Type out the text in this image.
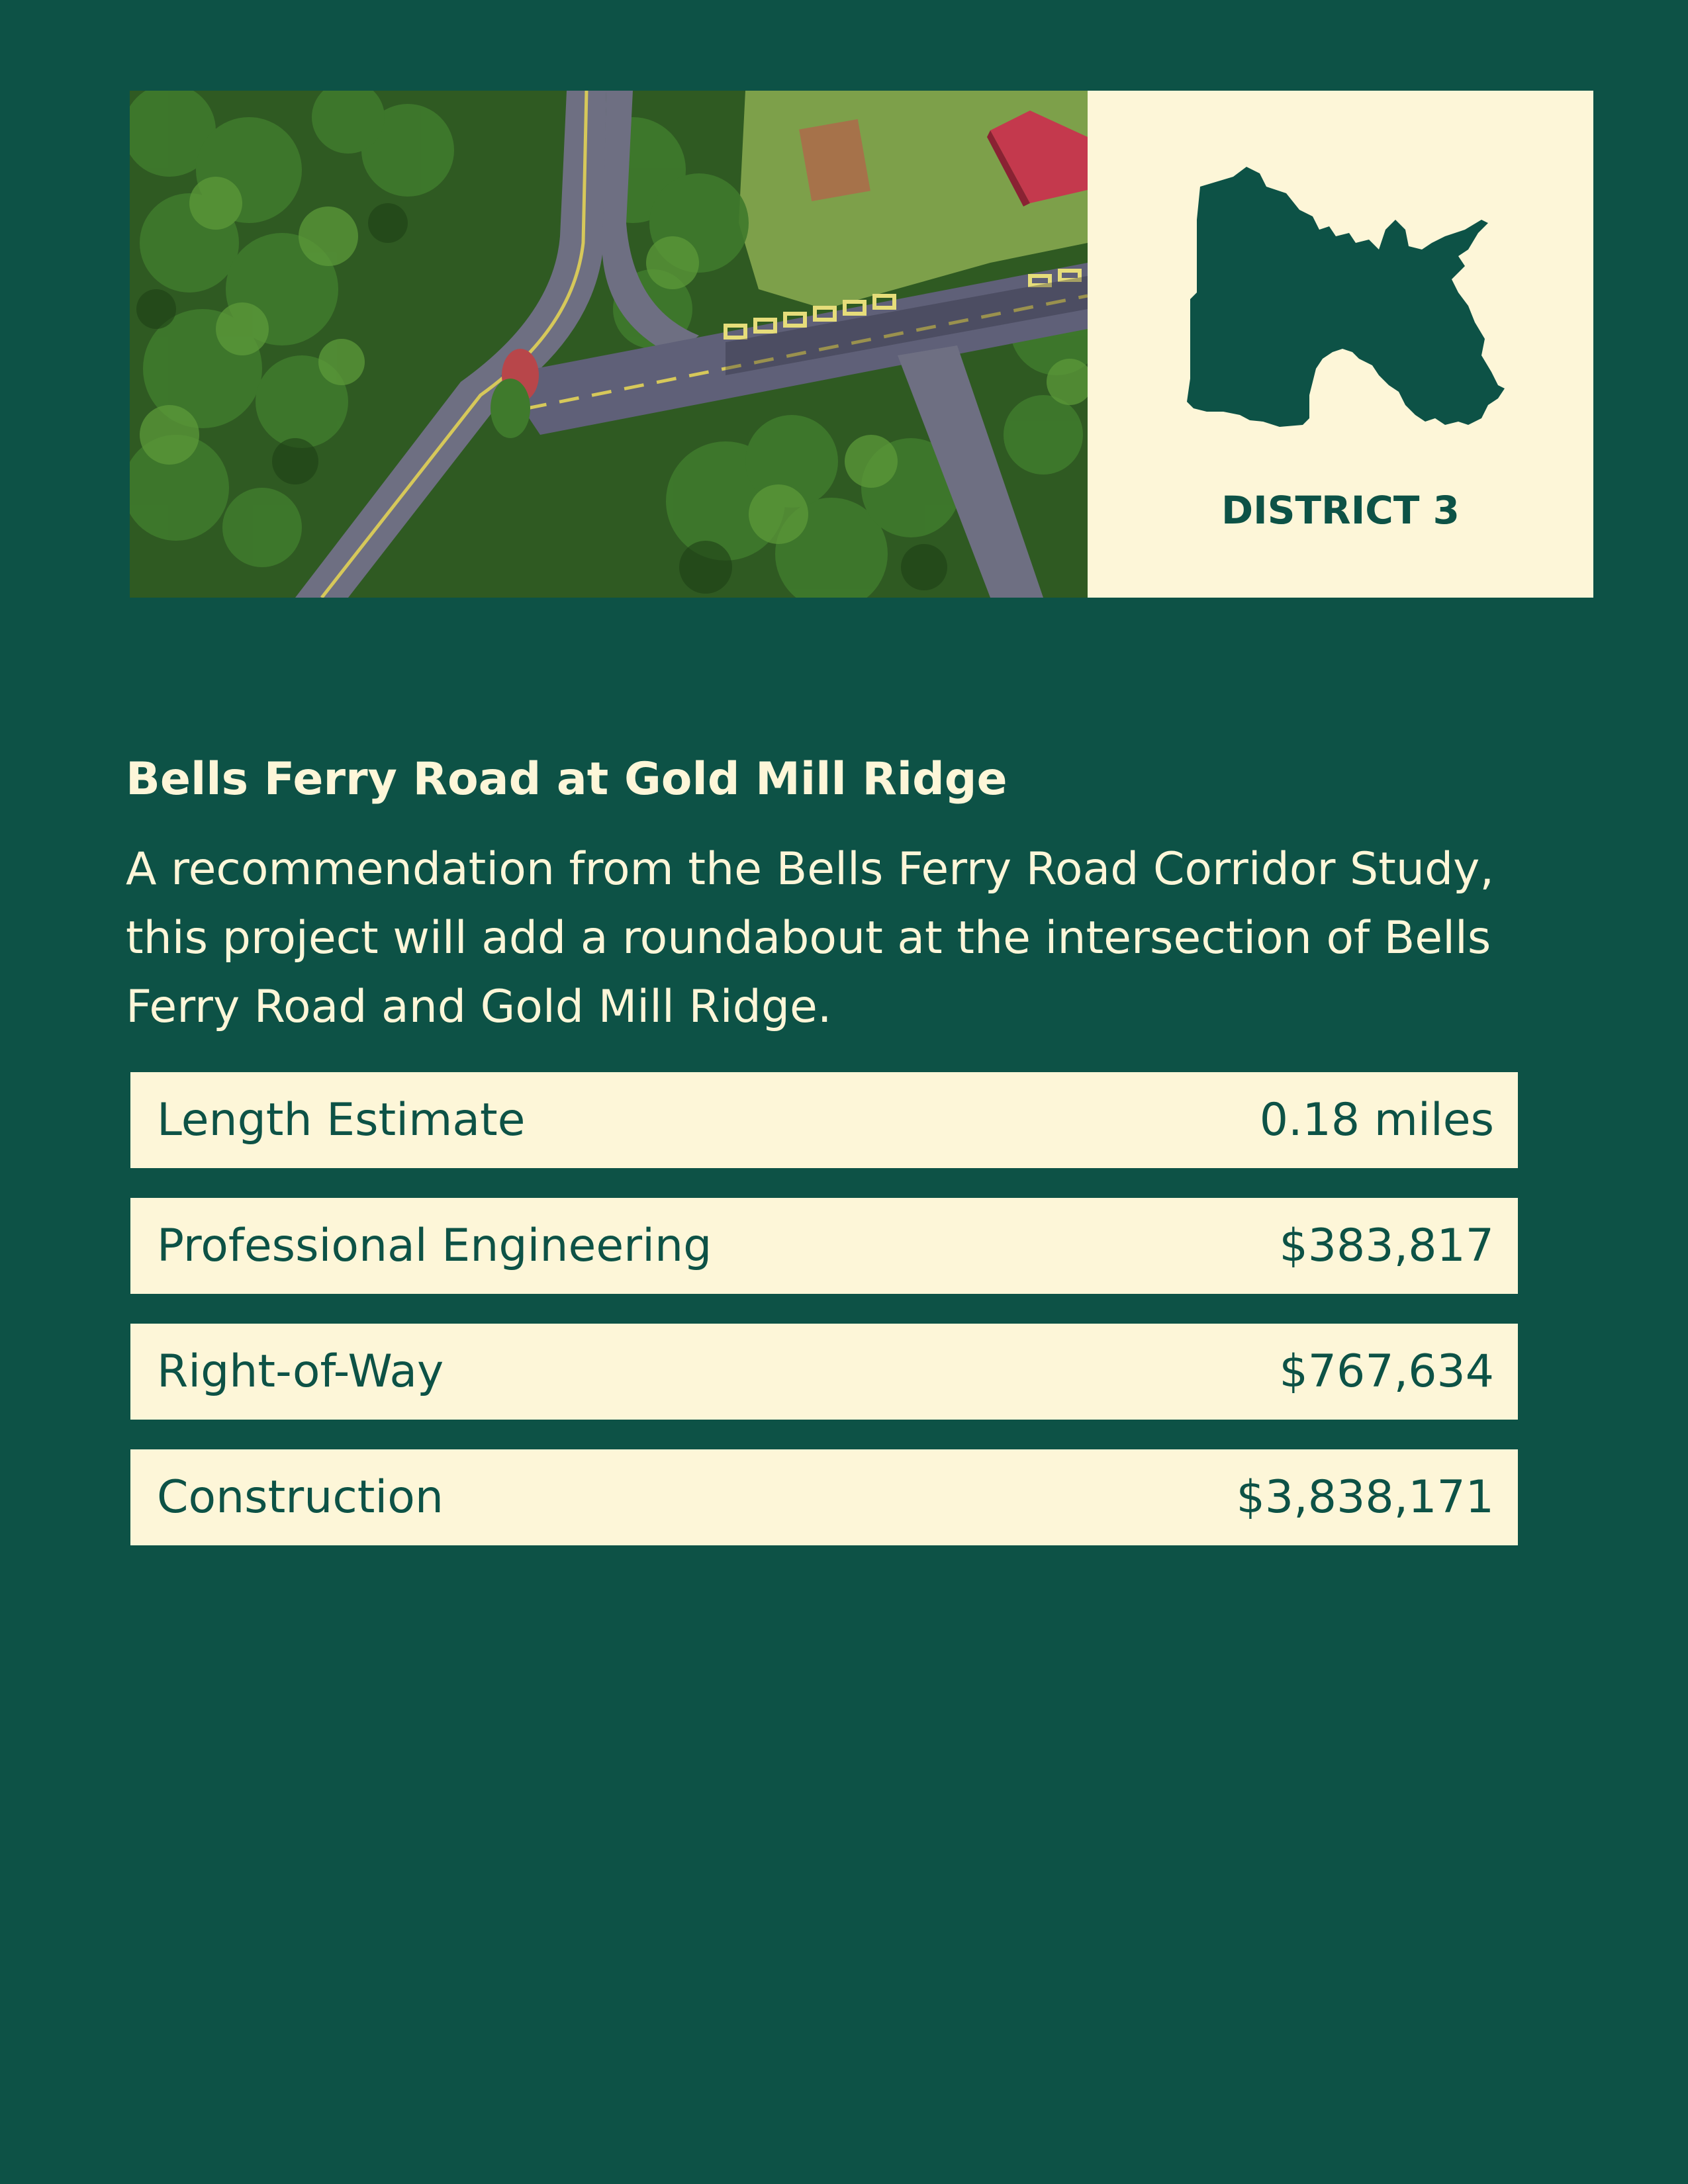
DISTRICT 3
Bells Ferry Road at Gold Mill Ridge
A recommendation from the Bells Ferry Road Corridor Study, this project will add a roundabout at the intersection of Bells Ferry Road and Gold Mill Ridge.
Length Estimate	0.18 miles
Professional Engineering	$383,817
Right-of-Way	$767,634
Construction	$3,838,171
